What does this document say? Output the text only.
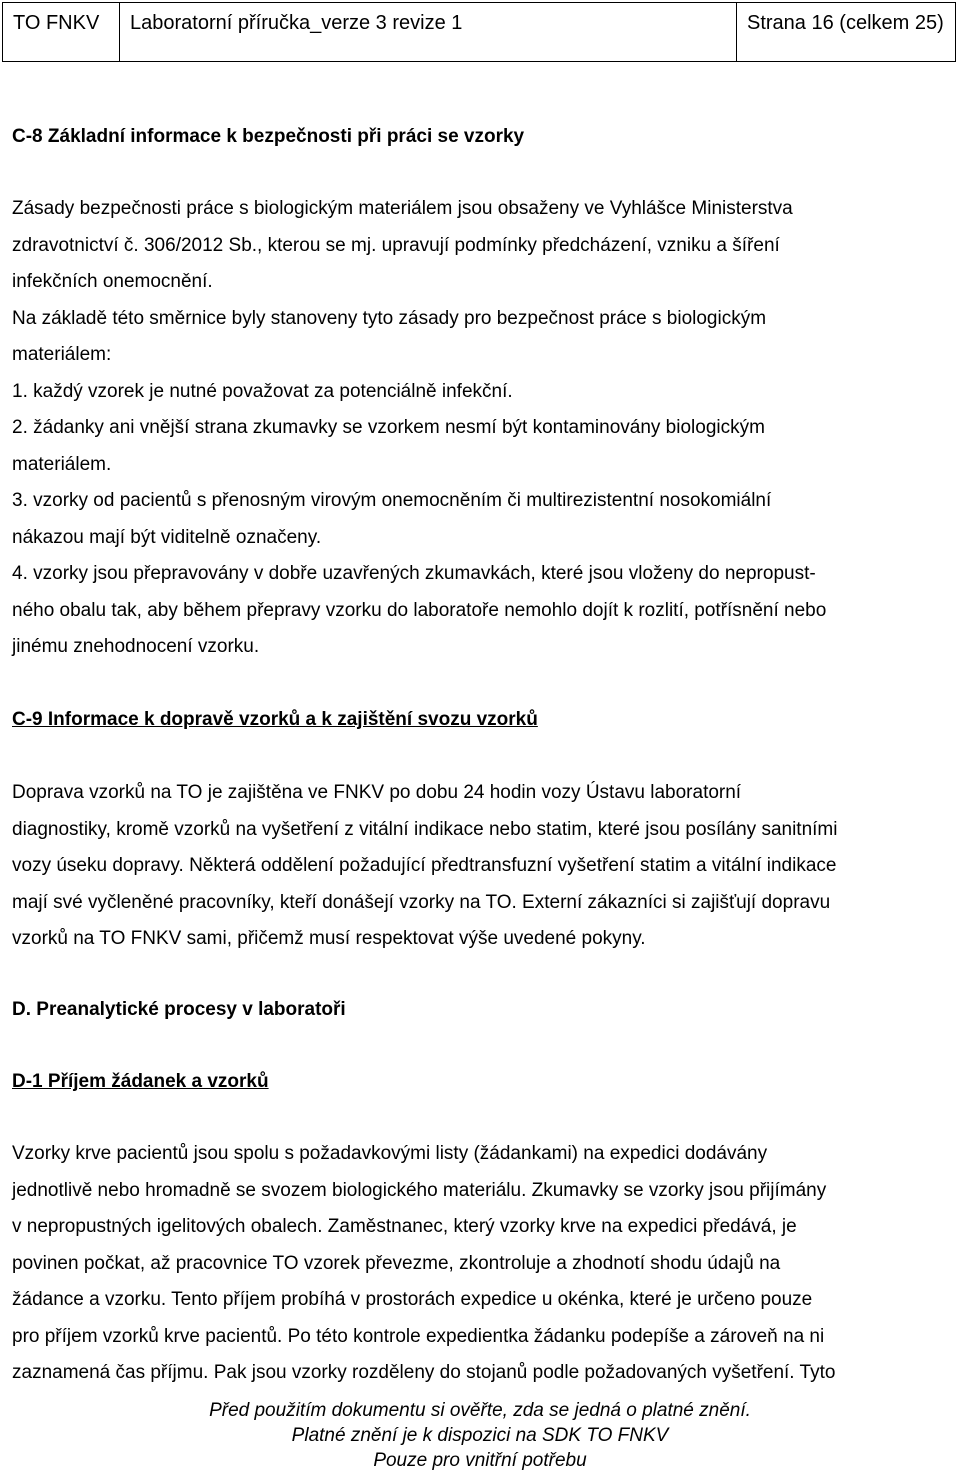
TO FNKV	Laboratorní příručka_verze 3 revize 1	Strana 16 (celkem 25)
C-8 Základní informace k bezpečnosti při práci se vzorky
Zásady bezpečnosti práce s biologickým materiálem jsou obsaženy ve Vyhlášce Ministerstva
zdravotnictví č. 306/2012 Sb., kterou se mj. upravují podmínky předcházení, vzniku a šíření
infekčních onemocnění.
Na základě této směrnice byly stanoveny tyto zásady pro bezpečnost práce s biologickým
materiálem:
1. každý vzorek je nutné považovat za potenciálně infekční.
2. žádanky ani vnější strana zkumavky se vzorkem nesmí být kontaminovány biologickým
materiálem.
3. vzorky od pacientů s přenosným virovým onemocněním či multirezistentní nosokomiální
nákazou mají být viditelně označeny.
4. vzorky jsou přepravovány v dobře uzavřených zkumavkách, které jsou vloženy do nepropust-
ného obalu tak, aby během přepravy vzorku do laboratoře nemohlo dojít k rozlití, potřísnění nebo
jinému znehodnocení vzorku.
C-9 Informace k dopravě vzorků a k zajištění svozu vzorků
Doprava vzorků na TO je zajištěna ve FNKV po dobu 24 hodin vozy Ústavu laboratorní
diagnostiky, kromě vzorků na vyšetření z vitální indikace nebo statim, které jsou posílány sanitními
vozy úseku dopravy. Některá oddělení požadující předtransfuzní vyšetření statim a vitální indikace
mají své vyčleněné pracovníky, kteří donášejí vzorky na TO. Externí zákazníci si zajišťují dopravu
vzorků na TO FNKV sami, přičemž musí respektovat výše uvedené pokyny.
D. Preanalytické procesy v laboratoři
D-1 Příjem žádanek a vzorků
Vzorky krve pacientů jsou spolu s požadavkovými listy (žádankami) na expedici dodávány
jednotlivě nebo hromadně se svozem biologického materiálu. Zkumavky se vzorky jsou přijímány
v nepropustných igelitových obalech. Zaměstnanec, který vzorky krve na expedici předává, je
povinen počkat, až pracovnice TO vzorek převezme, zkontroluje a zhodnotí shodu údajů na
žádance a vzorku. Tento příjem probíhá v prostorách expedice u okénka, které je určeno pouze
pro příjem vzorků krve pacientů. Po této kontrole expedientka žádanku podepíše a zároveň na ni
zaznamená čas příjmu. Pak jsou vzorky rozděleny do stojanů podle požadovaných vyšetření. Tyto
Před použitím dokumentu si ověřte, zda se jedná o platné znění.
Platné znění je k dispozici na SDK TO FNKV
Pouze pro vnitřní potřebu
